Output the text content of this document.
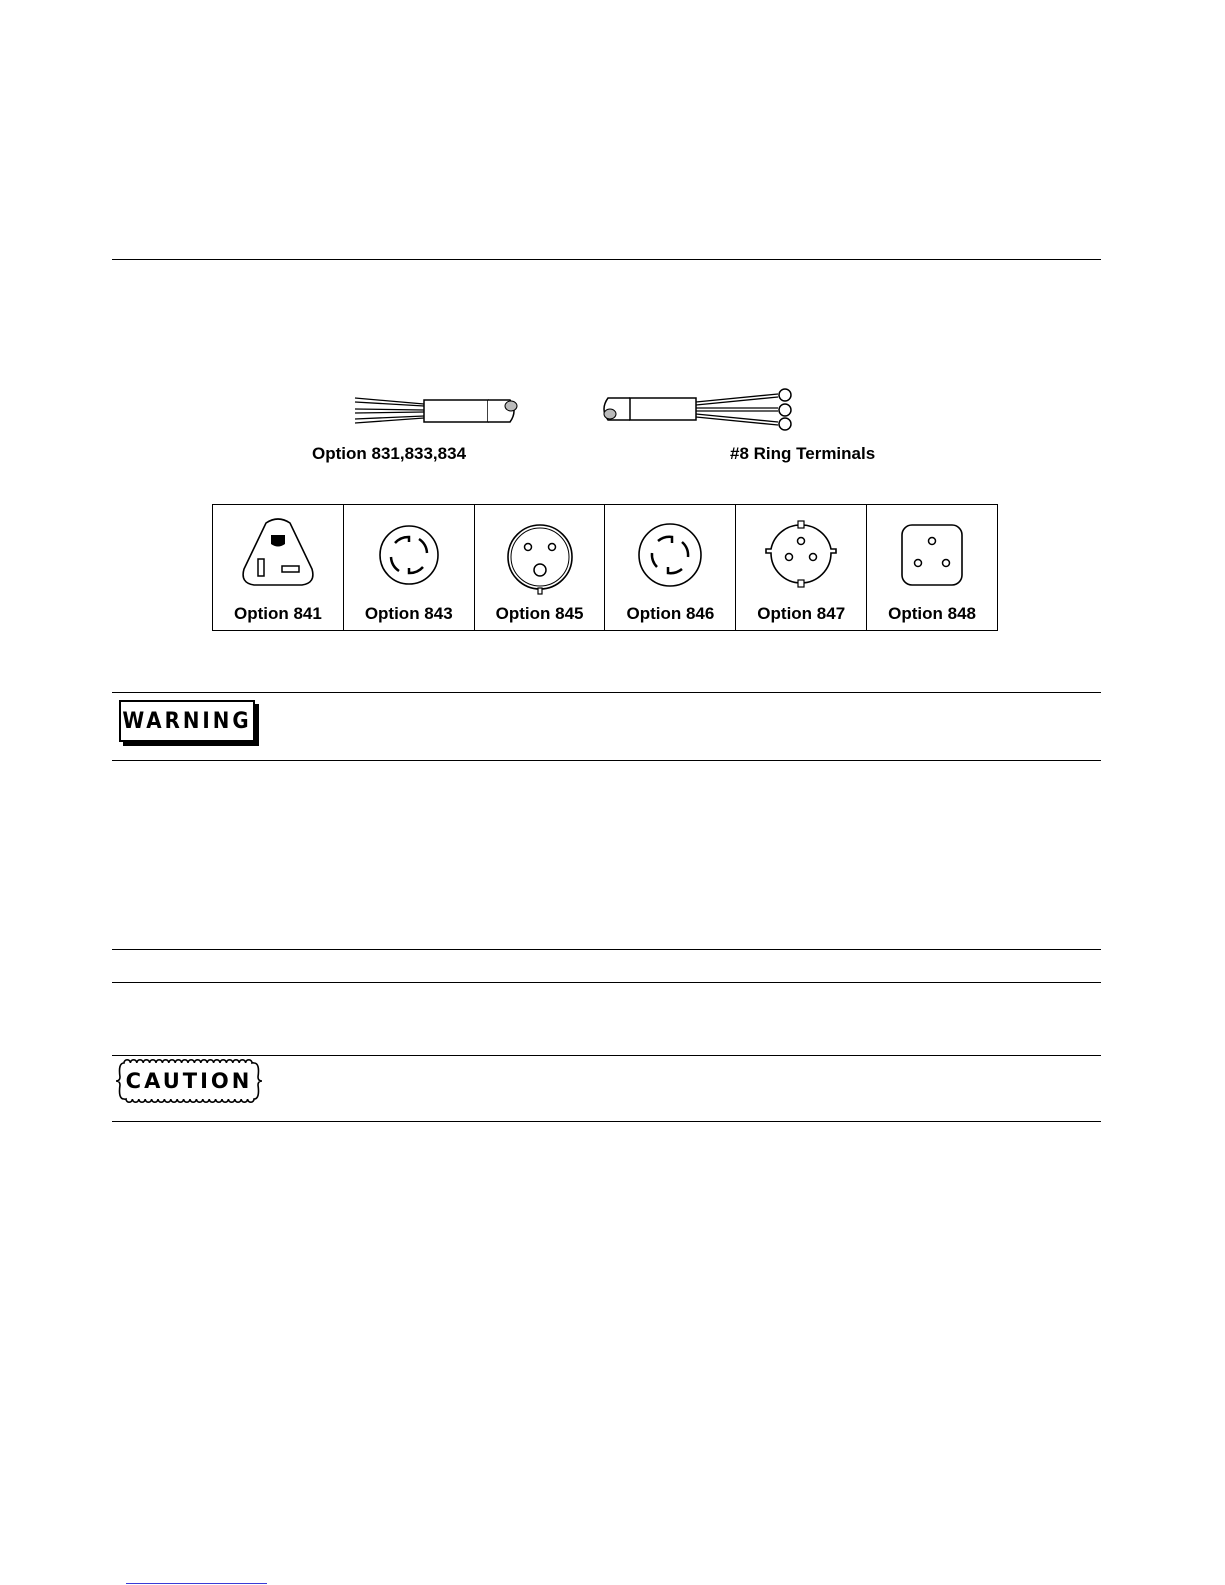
Option 831,833,834	#8 Ring Terminals
Option 841	Option 843	Option 845	Option 846	Option 847	Option 848
WARNING
CAUTION
